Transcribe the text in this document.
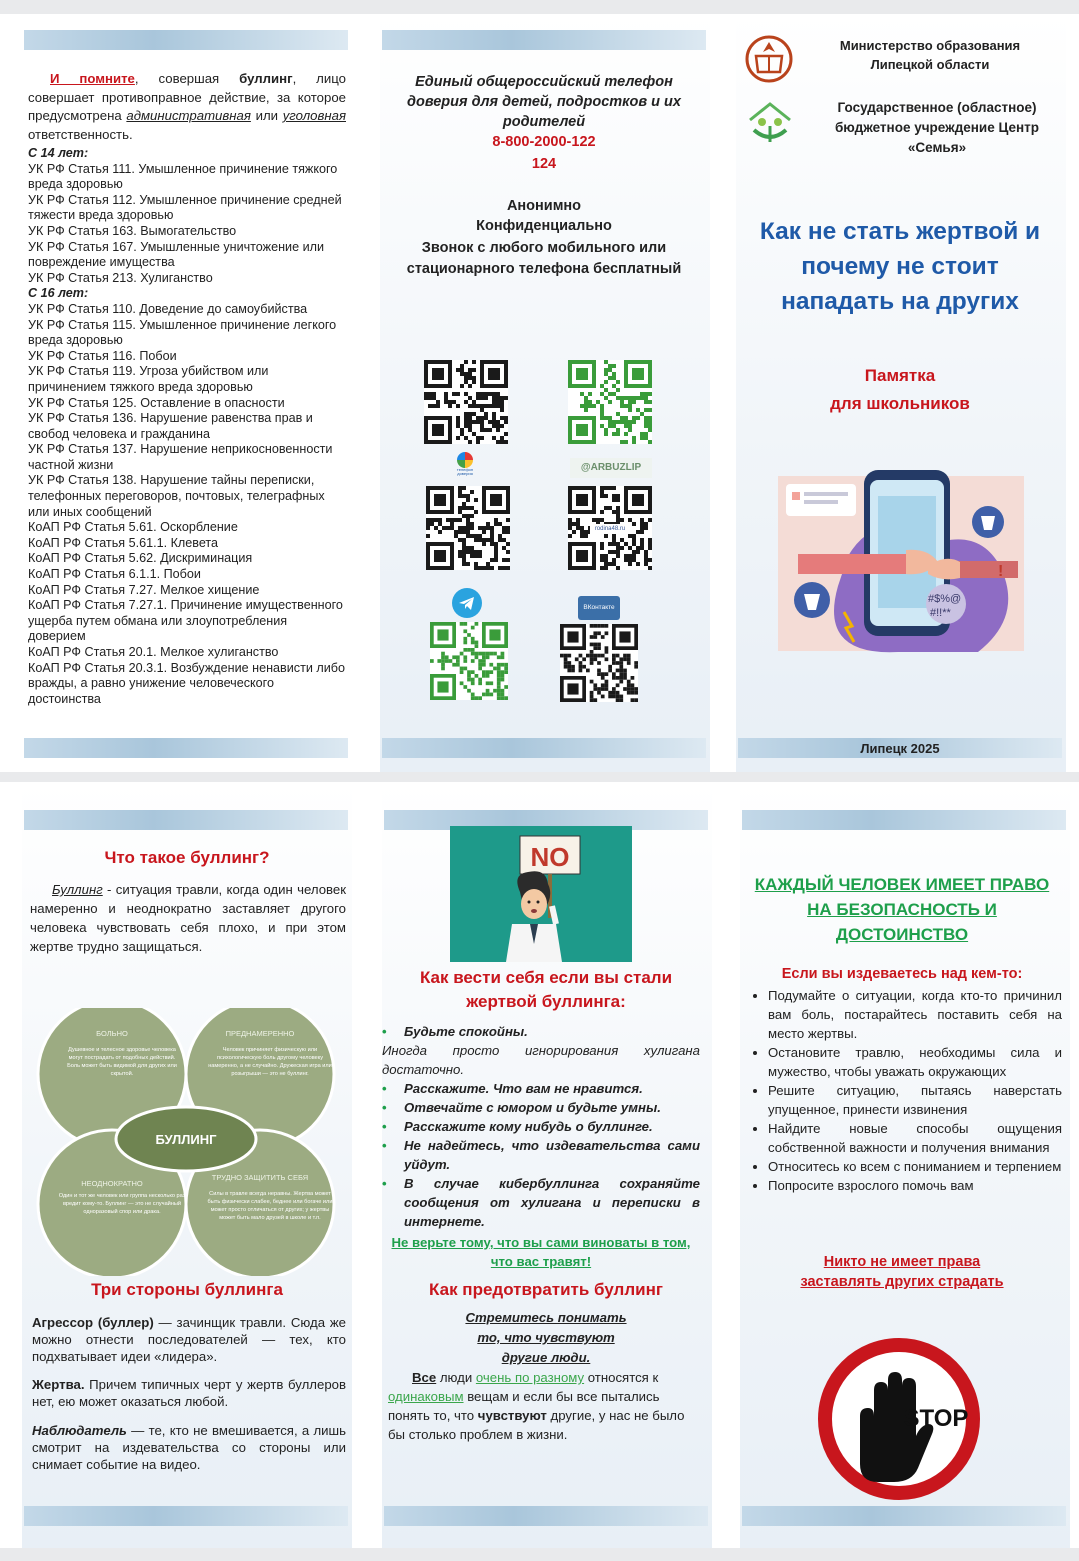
И помните, совершая буллинг, лицо совершает противоправное действие, за которое предусмотрена административная или уголовная ответственность.

С 14 лет:

УК РФ Статья 111. Умышленное причинение тяжкого вреда здоровью

УК РФ Статья 112. Умышленное причинение средней тяжести вреда здоровью

УК РФ Статья 163. Вымогательство

УК РФ Статья 167. Умышленные уничтожение или повреждение имущества

УК РФ Статья 213. Хулиганство

С 16 лет:

УК РФ Статья 110. Доведение до самоубийства

УК РФ Статья 115. Умышленное причинение легкого вреда здоровью

УК РФ Статья 116. Побои

УК РФ Статья 119. Угроза убийством или причинением тяжкого вреда здоровью

УК РФ Статья 125. Оставление в опасности

УК РФ Статья 136. Нарушение равенства прав и свобод человека и гражданина

УК РФ Статья 137. Нарушение неприкосновенности частной жизни

УК РФ Статья 138. Нарушение тайны переписки, телефонных переговоров, почтовых, телеграфных или иных сообщений

КоАП РФ Статья 5.61. Оскорбление

КоАП РФ Статья 5.61.1. Клевета

КоАП РФ Статья 5.62. Дискриминация

КоАП РФ Статья 6.1.1. Побои

КоАП РФ Статья 7.27. Мелкое хищение

КоАП РФ Статья 7.27.1. Причинение имущественного ущерба путем обмана или злоупотребления доверием

КоАП РФ Статья 20.1. Мелкое хулиганство

КоАП РФ Статья 20.3.1. Возбуждение ненависти либо вражды, а равно унижение человеческого достоинства

Единый общероссийский телефон доверия для детей, подростков и их родителей
8-800-2000-122
124
Анонимно
Конфиденциально
Звонок с любого мобильного или стационарного телефона бесплатный
телефон доверия
@ARBUZLIP
rodina48.ru
ВКонтакте
Министерство образования Липецкой области
Государственное (областное) бюджетное учреждение Центр «Семья»
Как не стать жертвой и почему не стоит нападать на других
Памятка
для школьников
!
#$%@
#!!**
Липецк 2025
Что такое буллинг?
Буллинг - ситуация травли, когда один человек намеренно и неоднократно заставляет другого человека чувствовать себя плохо, и при этом жертве трудно защищаться.
БУЛЛИНГ
БОЛЬНО	ПРЕДНАМЕРЕННО
НЕОДНОКРАТНО
ТРУДНО ЗАЩИТИТЬ СЕБЯ
Душевное и телесное здоровье человека могут пострадать от подобных действий. Боль может быть видимой для других или скрытой.
Человек причиняет физическую или психологическую боль другому человеку намеренно, а не случайно. Дружеская игра или розыгрыши — это не буллинг.
Один и тот же человек или группа несколько раз вредит кому-то. Буллинг — это не случайный одноразовый спор или драка.
Силы в травле всегда неравны. Жертва может быть физически слабее, беднее или богаче или может просто отличаться от других; у жертвы может быть мало друзей в школе и т.п.
Три стороны буллинга
Агрессор (буллер) — зачинщик травли. Сюда же можно отнести последователей — тех, кто подхватывает идеи «лидера».
Жертва. Причем типичных черт у жертв буллеров нет, ею может оказаться любой.
Наблюдатель — те, кто не вмешивается, а лишь смотрит на издевательства со стороны или снимает событие на видео.
NO
Как вести себя если вы стали жертвой буллинга:
• Будьте спокойны.
Иногда просто игнорирования хулигана достаточно.
• Расскажите. Что вам не нравится.
• Отвечайте с юмором и будьте умны.
• Расскажите кому нибудь о буллинге.
• Не надейтесь, что издевательства сами уйдут.
• В случае кибербуллинга сохраняйте сообщения от хулигана и переписки в интернете.
Не верьте тому, что вы сами виноваты в том, что вас травят!
Как предотвратить буллинг
Стремитесь понимать то, что чувствуют другие люди.
Все люди очень по разному относятся к одинаковым вещам и если бы все пытались понять то, что чувствуют другие, у нас не было бы столько проблем в жизни.
КАЖДЫЙ ЧЕЛОВЕК ИМЕЕТ ПРАВО НА БЕЗОПАСНОСТЬ И ДОСТОИНСТВО
Если вы издеваетесь над кем-то:
• Подумайте о ситуации, когда кто-то причинил вам боль, постарайтесь поставить себя на место жертвы.
• Остановите травлю, необходимы сила и мужество, чтобы уважать окружающих
• Решите ситуацию, пытаясь наверстать упущенное, принести извинения
• Найдите новые способы ощущения собственной важности и получения внимания
• Относитесь ко всем с пониманием и терпением
• Попросите взрослого помочь вам
Никто не имеет права заставлять других страдать
STOP
